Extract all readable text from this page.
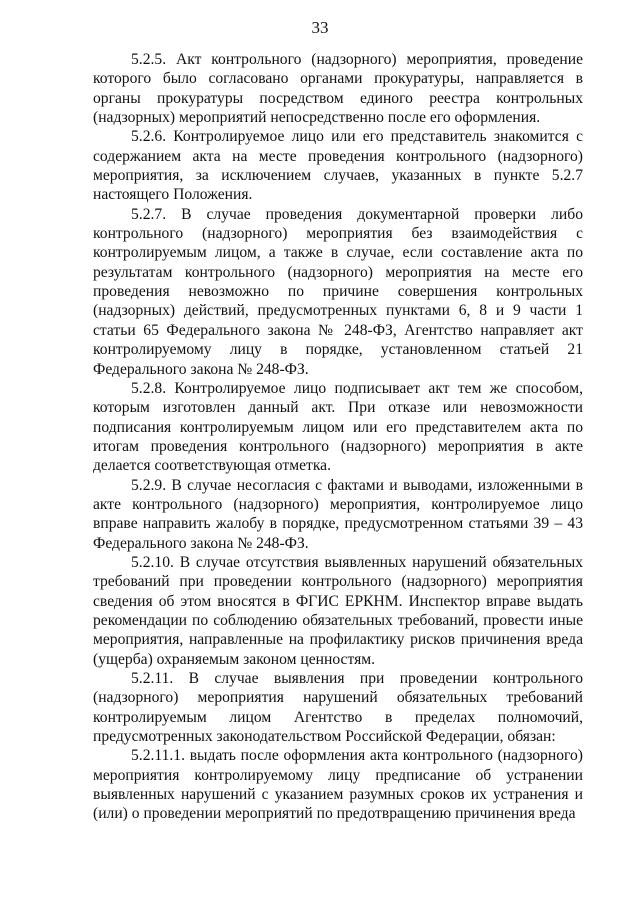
33

5.2.5. Акт контрольного (надзорного) мероприятия, проведение которого было согласовано органами прокуратуры, направляется в органы прокуратуры посредством единого реестра контрольных (надзорных) мероприятий непосредственно после его оформления.

5.2.6. Контролируемое лицо или его представитель знакомится с содержанием акта на месте проведения контрольного (надзорного) мероприятия, за исключением случаев, указанных в пункте 5.2.7 настоящего Положения.

5.2.7. В случае проведения документарной проверки либо контрольного (надзорного) мероприятия без взаимодействия с контролируемым лицом, а также в случае, если составление акта по результатам контрольного (надзорного) мероприятия на месте его проведения невозможно по причине совершения контрольных (надзорных) действий, предусмотренных пунктами 6, 8 и 9 части 1 статьи 65 Федерального закона № 248-ФЗ, Агентство направляет акт контролируемому лицу в порядке, установленном статьей 21 Федерального закона № 248-ФЗ.

5.2.8. Контролируемое лицо подписывает акт тем же способом, которым изготовлен данный акт. При отказе или невозможности подписания контролируемым лицом или его представителем акта по итогам проведения контрольного (надзорного) мероприятия в акте делается соответствующая отметка.

5.2.9. В случае несогласия с фактами и выводами, изложенными в акте контрольного (надзорного) мероприятия, контролируемое лицо вправе направить жалобу в порядке, предусмотренном статьями 39 – 43 Федерального закона № 248-ФЗ.

5.2.10. В случае отсутствия выявленных нарушений обязательных требований при проведении контрольного (надзорного) мероприятия сведения об этом вносятся в ФГИС ЕРКНМ. Инспектор вправе выдать рекомендации по соблюдению обязательных требований, провести иные мероприятия, направленные на профилактику рисков причинения вреда (ущерба) охраняемым законом ценностям.

5.2.11. В случае выявления при проведении контрольного (надзорного) мероприятия нарушений обязательных требований контролируемым лицом Агентство в пределах полномочий, предусмотренных законодательством Российской Федерации, обязан:

5.2.11.1. выдать после оформления акта контрольного (надзорного) мероприятия контролируемому лицу предписание об устранении выявленных нарушений с указанием разумных сроков их устранения и (или) о проведении мероприятий по предотвращению причинения вреда
